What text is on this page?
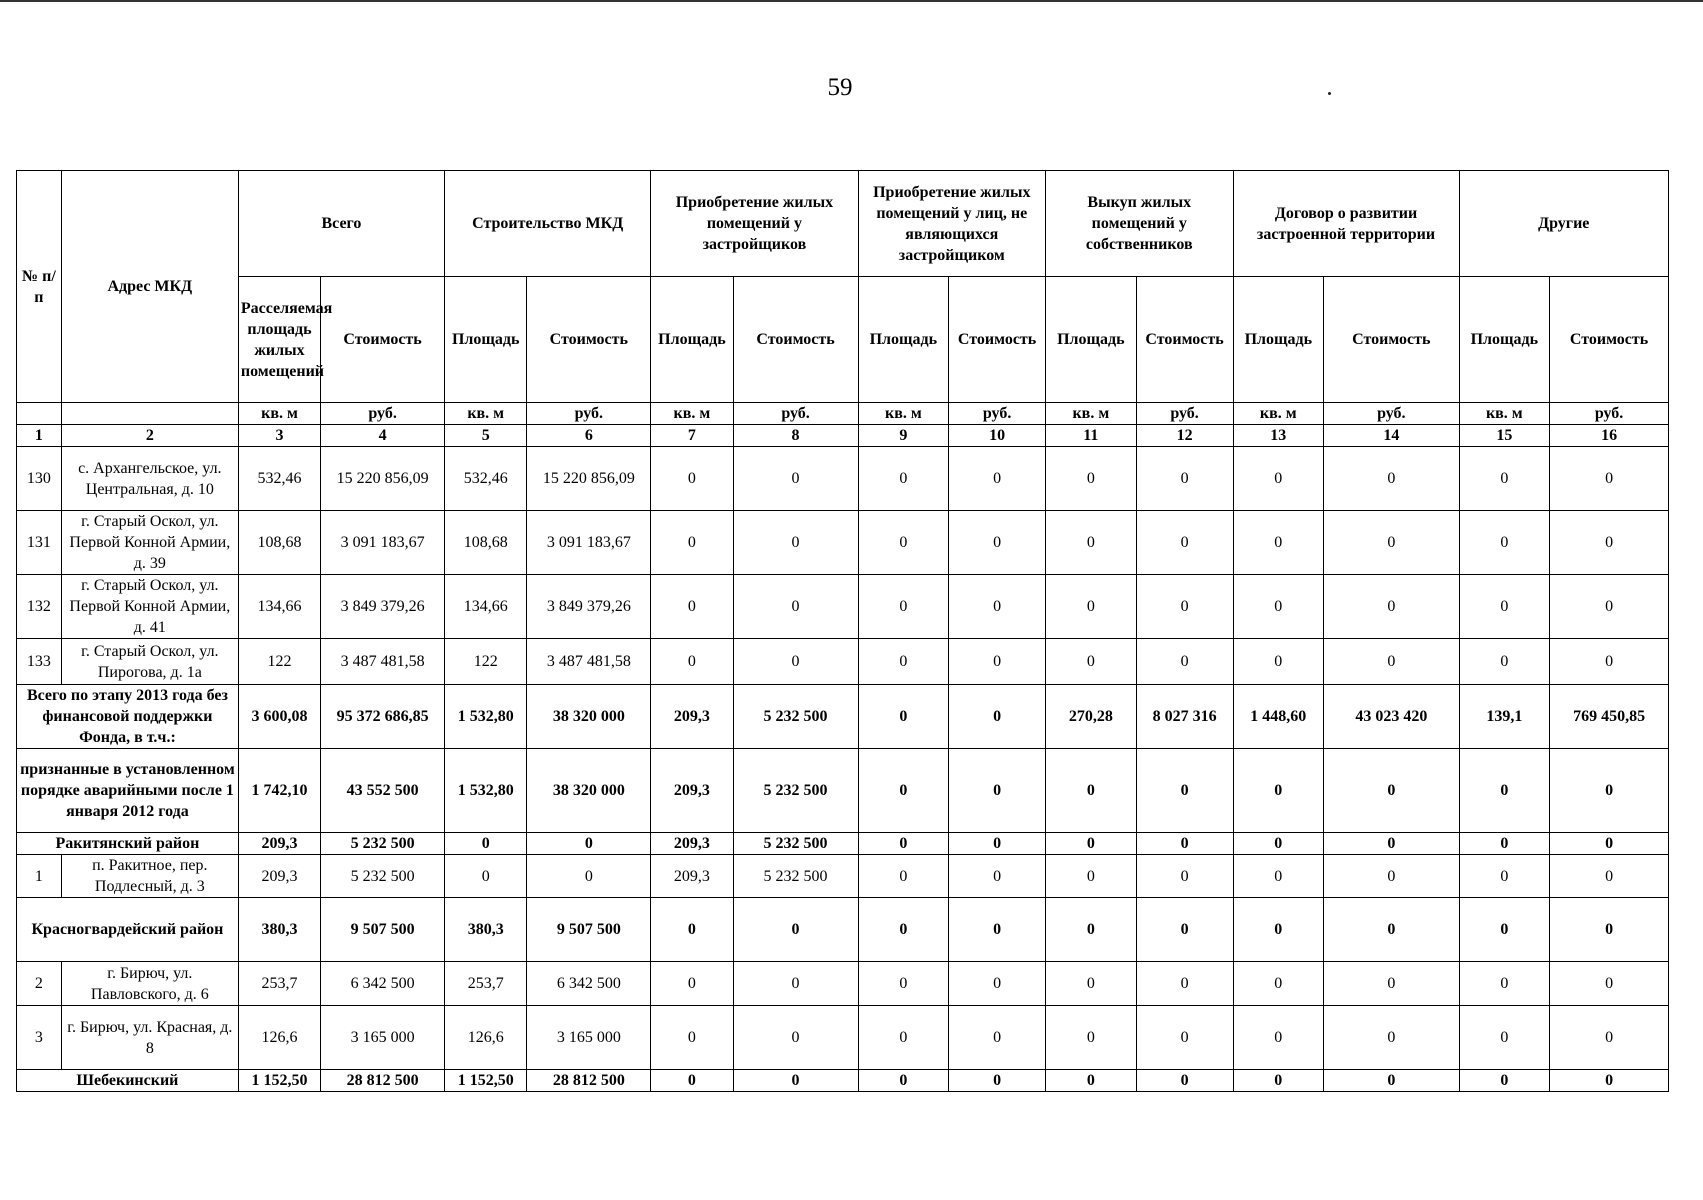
59
№ п/п	Адрес МКД	Всего		Строительство МКД		Приобретение жилых помещений у застройщиков		Приобретение жилых помещений у лиц, не являющихся застройщиком		Выкуп жилых помещений у собственников		Договор о развитии застроенной территории		Другие	
		Расселяемая площадь жилых помещений	Стоимость	Площадь	Стоимость	Площадь	Стоимость	Площадь	Стоимость	Площадь	Стоимость	Площадь	Стоимость	Площадь	Стоимость
		кв. м	руб.	кв. м	руб.	кв. м	руб.	кв. м	руб.	кв. м	руб.	кв. м	руб.	кв. м	руб.
1	2	3	4	5	6	7	8	9	10	11	12	13	14	15	16
130	с. Архангельское, ул. Центральная, д. 10	532,46	15 220 856,09	532,46	15 220 856,09	0	0	0	0	0	0	0	0	0	0
131	г. Старый Оскол, ул. Первой Конной Армии, д. 39	108,68	3 091 183,67	108,68	3 091 183,67	0	0	0	0	0	0	0	0	0	0
132	г. Старый Оскол, ул. Первой Конной Армии, д. 41	134,66	3 849 379,26	134,66	3 849 379,26	0	0	0	0	0	0	0	0	0	0
133	г. Старый Оскол, ул. Пирогова, д. 1а	122	3 487 481,58	122	3 487 481,58	0	0	0	0	0	0	0	0	0	0
Всего по этапу 2013 года без финансовой поддержки Фонда, в т.ч.:		3 600,08	95 372 686,85	1 532,80	38 320 000	209,3	5 232 500	0	0	270,28	8 027 316	1 448,60	43 023 420	139,1	769 450,85
признанные в установленном порядке аварийными после 1 января 2012 года		1 742,10	43 552 500	1 532,80	38 320 000	209,3	5 232 500	0	0	0	0	0	0	0	0
Ракитянский район		209,3	5 232 500	0	0	209,3	5 232 500	0	0	0	0	0	0	0	0
1	п. Ракитное, пер. Подлесный, д. 3	209,3	5 232 500	0	0	209,3	5 232 500	0	0	0	0	0	0	0	0
Красногвардейский район		380,3	9 507 500	380,3	9 507 500	0	0	0	0	0	0	0	0	0	0
2	г. Бирюч, ул. Павловского, д. 6	253,7	6 342 500	253,7	6 342 500	0	0	0	0	0	0	0	0	0	0
3	г. Бирюч, ул. Красная, д. 8	126,6	3 165 000	126,6	3 165 000	0	0	0	0	0	0	0	0	0	0
Шебекинский		1 152,50	28 812 500	1 152,50	28 812 500	0	0	0	0	0	0	0	0	0	0
